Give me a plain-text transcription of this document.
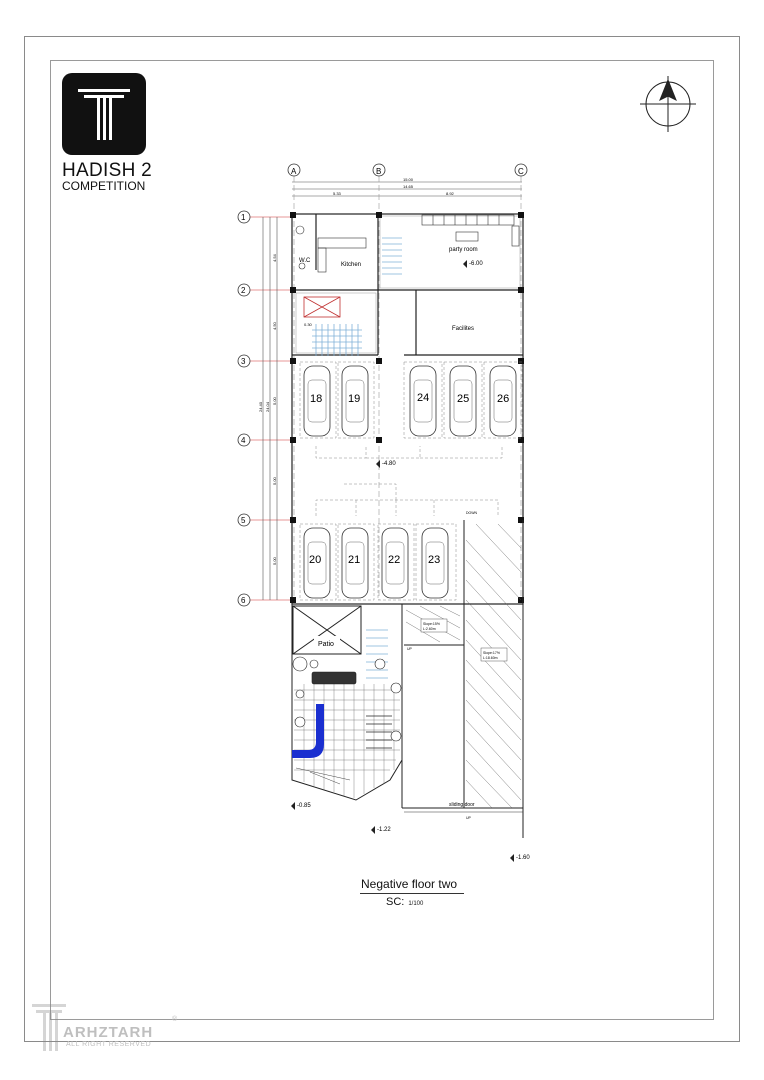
HADISH 2
COMPETITION	15.00
14.65
5.33	8.92
A	B	C
1
2
3
4
5
6
4.54
4.50
5.00
5.00
5.00
24.40 24.04
0.30
W.C
Kitchen
party room
Facilites
-6.00
-4.80
-0.85
-1.22
-1.60
18 19	24	25	26
20 21	22	23
DOWN
Slope:15%
L:2.60m
Slope:17%
L:18.60m
UP
UP
sliding door
Patio
Negative floor two
SC: 1/100
ARHZTARH
ALL RIGHT RESERVED
®
